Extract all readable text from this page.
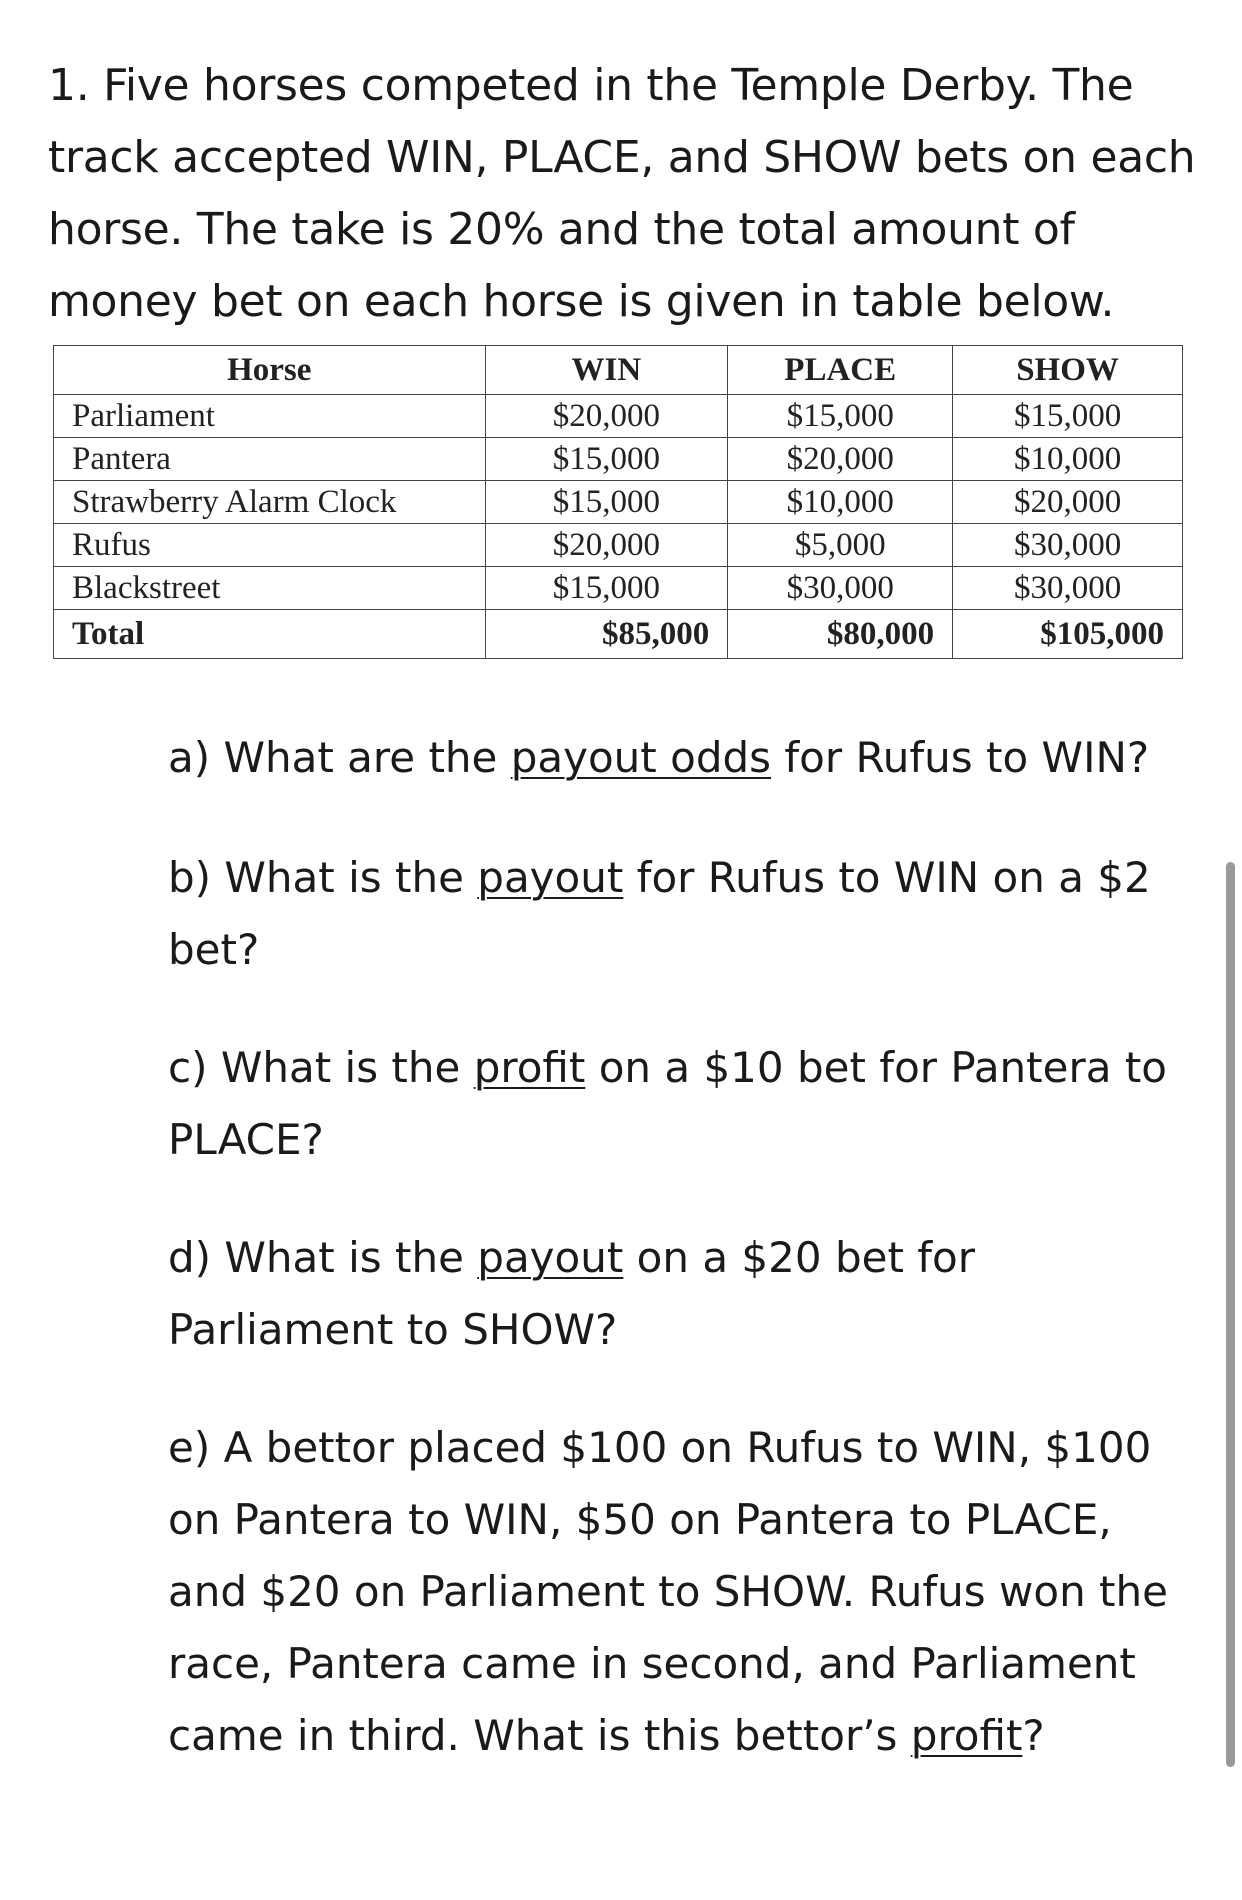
1. Five horses competed in the Temple Derby. The track accepted WIN, PLACE, and SHOW bets on each horse. The take is 20% and the total amount of money bet on each horse is given in table below.

Horse	WIN	PLACE	SHOW
Parliament	$20,000	$15,000	$15,000
Pantera	$15,000	$20,000	$10,000
Strawberry Alarm Clock	$15,000	$10,000	$20,000
Rufus	$20,000	$5,000	$30,000
Blackstreet	$15,000	$30,000	$30,000
Total	$85,000	$80,000	$105,000

a) What are the payout odds for Rufus to WIN?

b) What is the payout for Rufus to WIN on a $2 bet?

c) What is the profit on a $10 bet for Pantera to PLACE?

d) What is the payout on a $20 bet for Parliament to SHOW?

e) A bettor placed $100 on Rufus to WIN, $100 on Pantera to WIN, $50 on Pantera to PLACE, and $20 on Parliament to SHOW. Rufus won the race, Pantera came in second, and Parliament came in third. What is this bettor’s profit?
